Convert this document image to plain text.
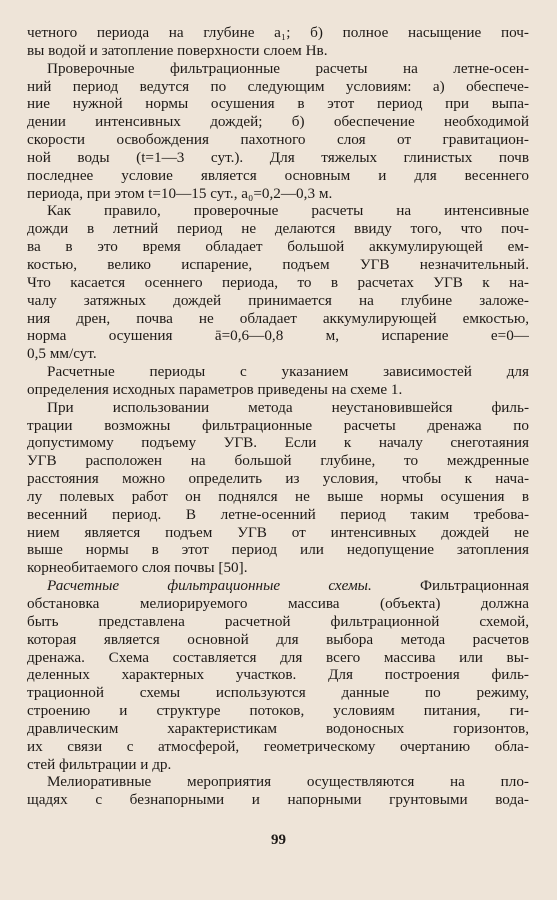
четного периода на глубине a₁; б) полное насыщение поч-
вы водой и затопление поверхности слоем Hв.
Проверочные фильтрационные расчеты на летне-осен-
ний период ведутся по следующим условиям: а) обеспече-
ние нужной нормы осушения в этот период при выпа-
дении интенсивных дождей; б) обеспечение необходимой
скорости освобождения пахотного слоя от гравитацион-
ной воды (t=1—3 сут.). Для тяжелых глинистых почв
последнее условие является основным и для весеннего
периода, при этом t=10—15 сут., a₀=0,2—0,3 м.
Как правило, проверочные расчеты на интенсивные
дожди в летний период не делаются ввиду того, что поч-
ва в это время обладает большой аккумулирующей ем-
костью, велико испарение, подъем УГВ незначительный.
Что касается осеннего периода, то в расчетах УГВ к на-
чалу затяжных дождей принимается на глубине заложе-
ния дрен, почва не обладает аккумулирующей емкостью,
норма осушения ā=0,6—0,8 м, испарение e=0—
0,5 мм/сут.
Расчетные периоды с указанием зависимостей для
определения исходных параметров приведены на схеме 1.
При использовании метода неустановившейся филь-
трации возможны фильтрационные расчеты дренажа по
допустимому подъему УГВ. Если к началу снеготаяния
УГВ расположен на большой глубине, то междренные
расстояния можно определить из условия, чтобы к нача-
лу полевых работ он поднялся не выше нормы осушения в
весенний период. В летне-осенний период таким требова-
нием является подъем УГВ от интенсивных дождей не
выше нормы в этот период или недопущение затопления
корнеобитаемого слоя почвы [50].
Расчетные фильтрационные схемы. Фильтрационная
обстановка мелиорируемого массива (объекта) должна
быть представлена расчетной фильтрационной схемой,
которая является основной для выбора метода расчетов
дренажа. Схема составляется для всего массива или вы-
деленных характерных участков. Для построения филь-
трационной схемы используются данные по режиму,
строению и структуре потоков, условиям питания, ги-
дравлическим характеристикам водоносных горизонтов,
их связи с атмосферой, геометрическому очертанию обла-
стей фильтрации и др.
Мелиоративные мероприятия осуществляются на пло-
щадях с безнапорными и напорными грунтовыми вода-
99
